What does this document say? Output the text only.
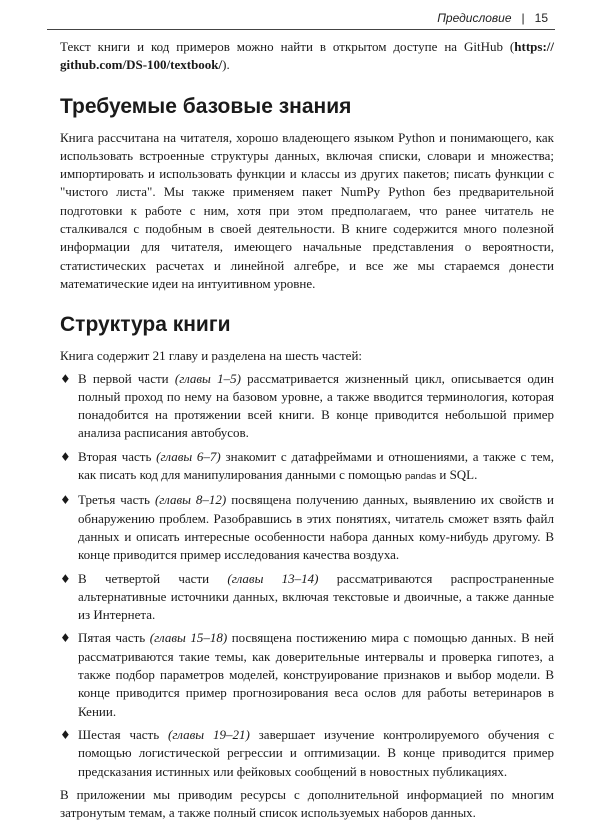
Предисловие | 15

Текст книги и код примеров можно найти в открытом доступе на GitHub (https:// github.com/DS-100/textbook/).

Требуемые базовые знания

Книга рассчитана на читателя, хорошо владеющего языком Python и понимающего, как использовать встроенные структуры данных, включая списки, словари и множества; импортировать и использовать функции и классы из других пакетов; писать функции с "чистого листа". Мы также применяем пакет NumPy Python без предварительной подготовки к работе с ним, хотя при этом предполагаем, что ранее читатель не сталкивался с подобным в своей деятельности. В книге содержится много полезной информации для читателя, имеющего начальные представления о вероятности, статистических расчетах и линейной алгебре, и все же мы стараемся донести математические идеи на интуитивном уровне.

Структура книги

Книга содержит 21 главу и разделена на шесть частей:

♦ В первой части (главы 1–5) рассматривается жизненный цикл, описывается один полный проход по нему на базовом уровне, а также вводится терминология, которая понадобится на протяжении всей книги. В конце приводится небольшой пример анализа расписания автобусов.
♦ Вторая часть (главы 6–7) знакомит с датафреймами и отношениями, а также с тем, как писать код для манипулирования данными с помощью pandas и SQL.
♦ Третья часть (главы 8–12) посвящена получению данных, выявлению их свойств и обнаружению проблем. Разобравшись в этих понятиях, читатель сможет взять файл данных и описать интересные особенности набора данных кому-нибудь другому. В конце приводится пример исследования качества воздуха.
♦ В четвертой части (главы 13–14) рассматриваются распространенные альтернативные источники данных, включая текстовые и двоичные, а также данные из Интернета.
♦ Пятая часть (главы 15–18) посвящена постижению мира с помощью данных. В ней рассматриваются такие темы, как доверительные интервалы и проверка гипотез, а также подбор параметров моделей, конструирование признаков и выбор модели. В конце приводится пример прогнозирования веса ослов для работы ветеринаров в Кении.
♦ Шестая часть (главы 19–21) завершает изучение контролируемого обучения с помощью логистической регрессии и оптимизации. В конце приводится пример предсказания истинных или фейковых сообщений в новостных публикациях.

В приложении мы приводим ресурсы с дополнительной информацией по многим затронутым темам, а также полный список используемых наборов данных.
